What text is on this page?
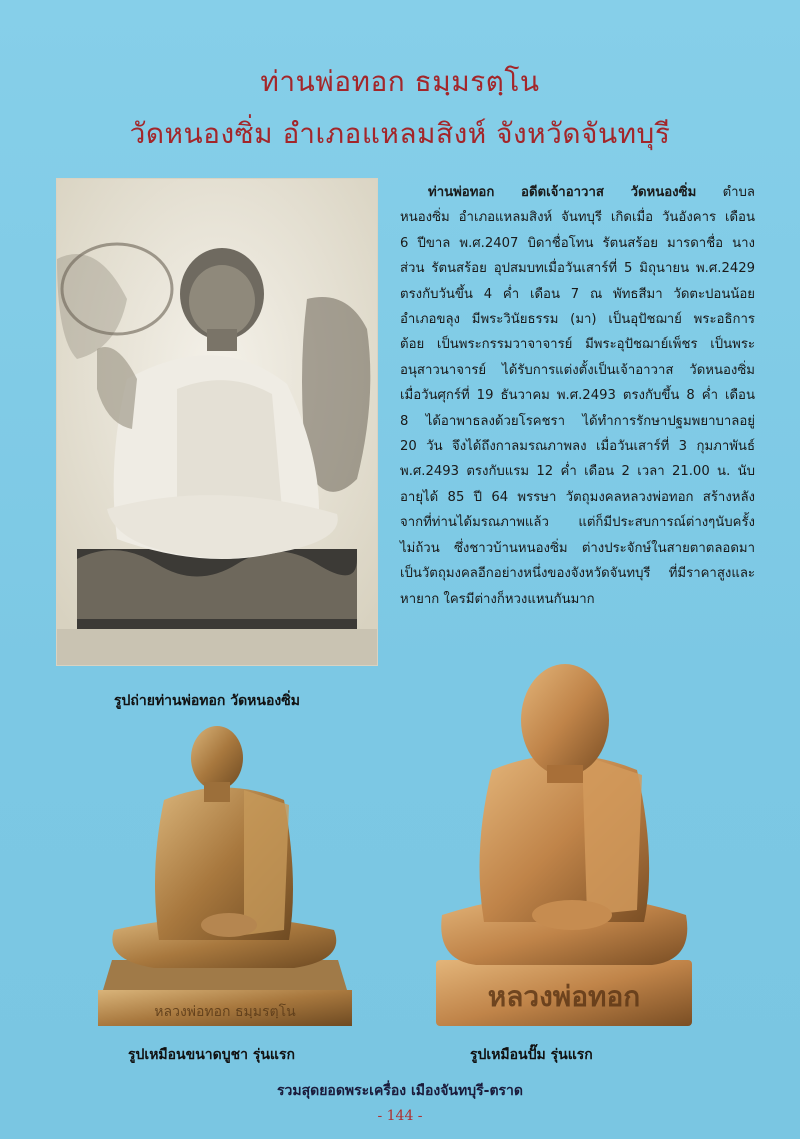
ท่านพ่อทอก ธมฺมรตฺโน
วัดหนองซิ่ม อำเภอแหลมสิงห์ จังหวัดจันทบุรี
ท่านพ่อทอก อดีตเจ้าอาวาส วัดหนองซิ่ม ตำบล
หนองซิ่ม อำเภอแหลมสิงห์ จันทบุรี เกิดเมื่อ วันอังคาร เดือน
6 ปีขาล พ.ศ.2407 บิดาชื่อโทน รัตนสร้อย มารดาชื่อ นาง
ส่วน รัตนสร้อย อุปสมบทเมื่อวันเสาร์ที่ 5 มิถุนายน พ.ศ.2429
ตรงกับวันขึ้น 4 ค่ำ เดือน 7 ณ พัทธสีมา วัดตะปอนน้อย
อำเภอขลุง มีพระวินัยธรรม (มา) เป็นอุปัชฌาย์ พระอธิการ
ต้อย เป็นพระกรรมวาจาจารย์ มีพระอุปัชฌาย์เพ็ชร เป็นพระ
อนุสาวนาจารย์ ได้รับการแต่งตั้งเป็นเจ้าอาวาส วัดหนองซิ่ม
เมื่อวันศุกร์ที่ 19 ธันวาคม พ.ศ.2493 ตรงกับขึ้น 8 ค่ำ เดือน
8 ได้อาพาธลงด้วยโรคชรา ได้ทำการรักษาปฐมพยาบาลอยู่
20 วัน จึงได้ถึงกาลมรณภาพลง เมื่อวันเสาร์ที่ 3 กุมภาพันธ์
พ.ศ.2493 ตรงกับแรม 12 ค่ำ เดือน 2 เวลา 21.00 น. นับ
อายุได้ 85 ปี 64 พรรษา วัตถุมงคลหลวงพ่อทอก สร้างหลัง
จากที่ท่านได้มรณภาพแล้ว แต่ก็มีประสบการณ์ต่างๆนับครั้ง
ไม่ถ้วน ซึ่งชาวบ้านหนองซิ่ม ต่างประจักษ์ในสายตาตลอดมา
เป็นวัตถุมงคลอีกอย่างหนึ่งของจังหวัดจันทบุรี ที่มีราคาสูงและ
หายาก ใครมีต่างก็หวงแหนกันมาก
รูปถ่ายท่านพ่อทอก วัดหนองซิ่ม
หลวงพ่อทอก ธมฺมรตฺโน	หลวงพ่อทอก
รูปเหมือนขนาดบูชา รุ่นแรก	รูปเหมือนปั๊ม รุ่นแรก
รวมสุดยอดพระเครื่อง เมืองจันทบุรี-ตราด
- 144 -
